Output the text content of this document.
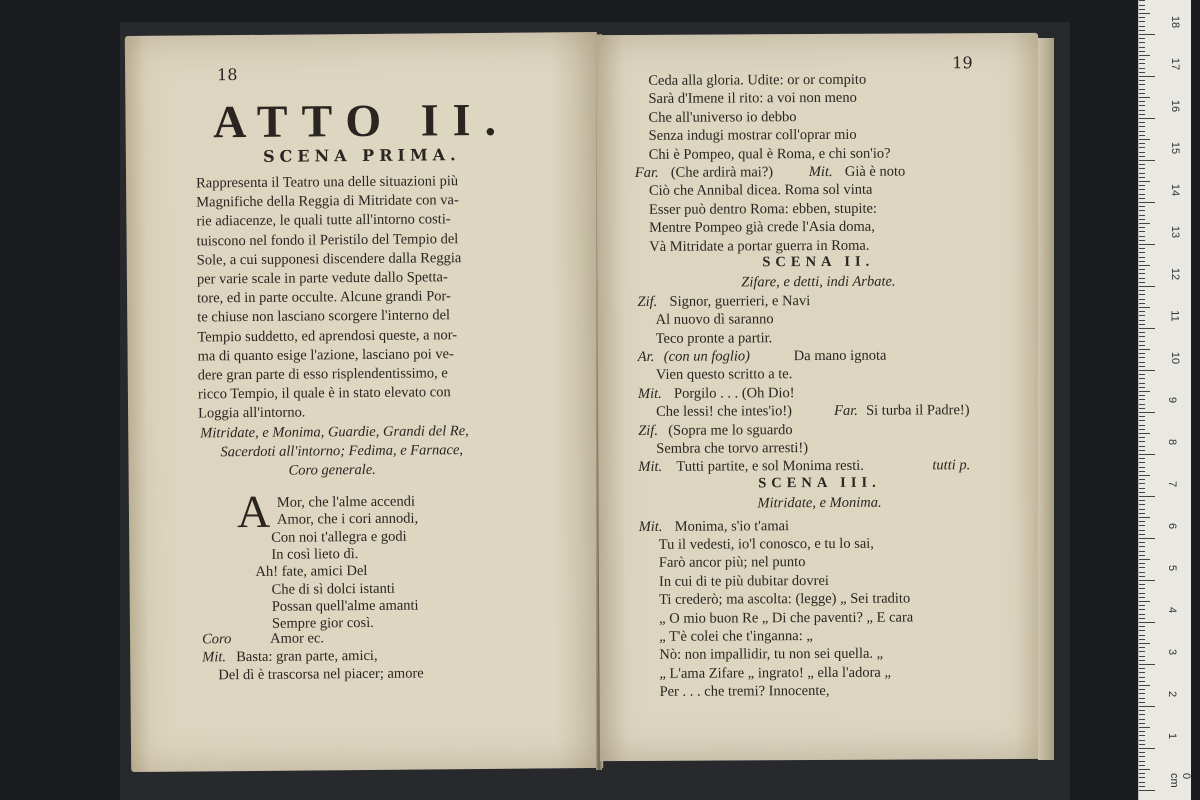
18
ATTO II.
SCENA PRIMA.
Rappresenta il Teatro una delle situazioni più
Magnifiche della Reggia di Mitridate con va-
rie adiacenze, le quali tutte all'intorno costi-
tuiscono nel fondo il Peristilo del Tempio del
Sole, a cui supponesi discendere dalla Reggia
per varie scale in parte vedute dallo Spetta-
tore, ed in parte occulte. Alcune grandi Por-
te chiuse non lasciano scorgere l'interno del
Tempio suddetto, ed aprendosi queste, a nor-
ma di quanto esige l'azione, lasciano poi ve-
dere gran parte di esso risplendentissimo, e
ricco Tempio, il quale è in stato elevato con
Loggia all'intorno.
Mitridate, e Monima, Guardie, Grandi del Re,
Sacerdoti all'intorno; Fedima, e Farnace,
Coro generale.
A Mor, che l'alme accendi
Amor, che i cori annodi,
Con noi t'allegra e godi
In così lieto dì.
Ah! fate, amici Del
Che di sì dolci istanti
Possan quell'alme amanti
Sempre gior così.
Coro	Amor ec.
Mit. Basta: gran parte, amici,
Del dì è trascorsa nel piacer; amore
19
Ceda alla gloria. Udite: or or compito
Sarà d'Imene il rito: a voi non meno
Che all'universo io debbo
Senza indugi mostrar coll'oprar mio
Chi è Pompeo, qual è Roma, e chi son'io?
Far. (Che ardirà mai?) Mit. Già è noto
Ciò che Annibal dicea. Roma sol vinta
Esser può dentro Roma: ebben, stupite:
Mentre Pompeo già crede l'Asia doma,
Và Mitridate a portar guerra in Roma.
SCENA II.
Zifare, e detti, indi Arbate.
Zif. Signor, guerrieri, e Navi
Al nuovo dì saranno
Teco pronte a partir.
Ar. (con un foglio)	Da mano ignota
Vien questo scritto a te.
Mit. Porgilo . . . (Oh Dio!
Che lessi! che intes'io!)	Far. Si turba il Padre!)
Zif. (Sopra me lo sguardo
Sembra che torvo arresti!)
Mit. Tutti partite, e sol Monima resti.	tutti p.
SCENA III.
Mitridate, e Monima.
Mit. Monima, s'io t'amai
Tu il vedesti, io'l conosco, e tu lo sai,
Farò ancor più; nel punto
In cui di te più dubitar dovrei
Ti crederò; ma ascolta: (legge) „ Sei tradito
„ O mio buon Re „ Di che paventi? „ E cara
„ T'è colei che t'inganna: „
Nò: non impallidir, tu non sei quella. „
„ L'ama Zifare „ ingrato! „ ella l'adora „
Per . . . che tremi? Innocente,
0 cm
1
2
3
4
5
6
7
8
9
10
11
12
13
14
15
16
17
18
